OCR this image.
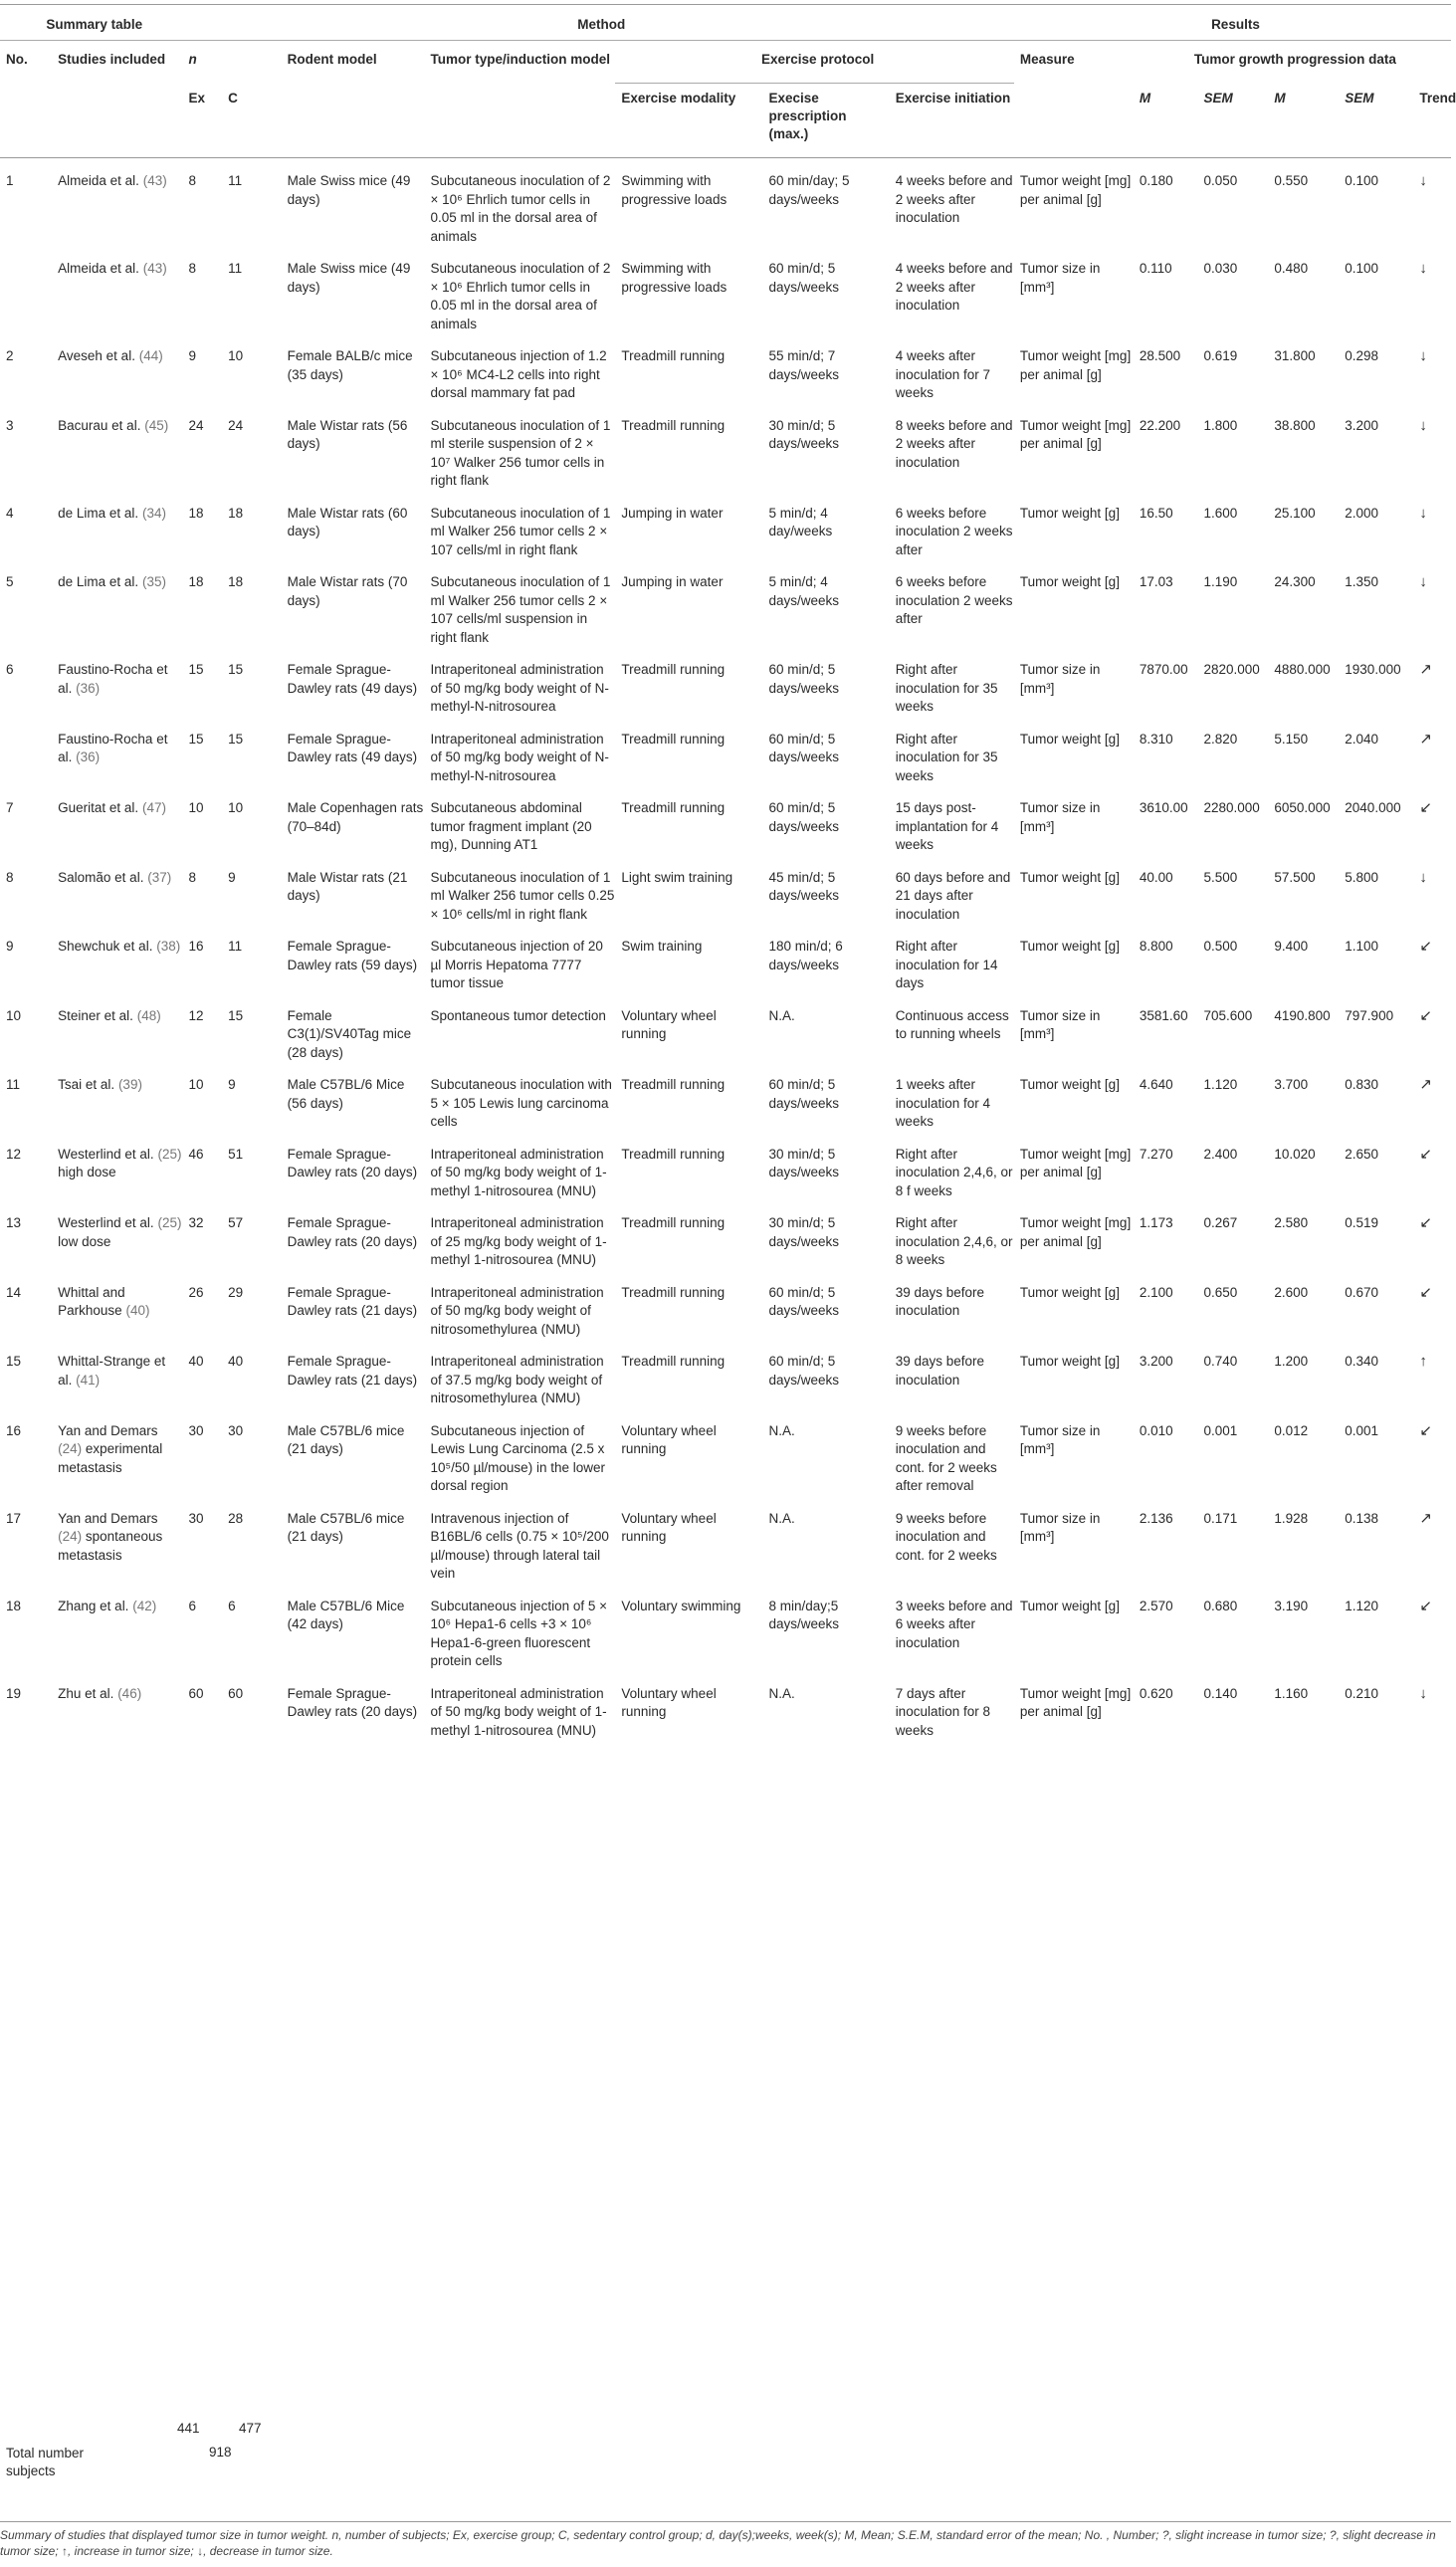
Summary table		Method							Results					
No.	Studies included	n		Rodent model	Tumor type/induction model	Exercise protocol			Measure	Tumor growth progression data				
		Ex	C			Exercise modality	Execise prescription (max.)	Exercise initiation		M	SEM	M	SEM	Trend

1	Almeida et al. (43)	8	11	Male Swiss mice (49 days)	Subcutaneous inoculation of 2 × 10⁶ Ehrlich tumor cells in 0.05 ml in the dorsal area of animals	Swimming with progressive loads	60 min/day; 5 days/weeks	4 weeks before and 2 weeks after inoculation	Tumor weight [mg] per animal [g]	0.180	0.050	0.550	0.100	↓
	Almeida et al. (43)	8	11	Male Swiss mice (49 days)	Subcutaneous inoculation of 2 × 10⁶ Ehrlich tumor cells in 0.05 ml in the dorsal area of animals	Swimming with progressive loads	60 min/d; 5 days/weeks	4 weeks before and 2 weeks after inoculation	Tumor size in [mm³]	0.110	0.030	0.480	0.100	↓
2	Aveseh et al. (44)	9	10	Female BALB/c mice (35 days)	Subcutaneous injection of 1.2 × 10⁶ MC4-L2 cells into right dorsal mammary fat pad	Treadmill running	55 min/d; 7 days/weeks	4 weeks after inoculation for 7 weeks	Tumor weight [mg] per animal [g]	28.500	0.619	31.800	0.298	↓
3	Bacurau et al. (45)	24	24	Male Wistar rats (56 days)	Subcutaneous inoculation of 1 ml sterile suspension of 2 × 10⁷ Walker 256 tumor cells in right flank	Treadmill running	30 min/d; 5 days/weeks	8 weeks before and 2 weeks after inoculation	Tumor weight [mg] per animal [g]	22.200	1.800	38.800	3.200	↓
4	de Lima et al. (34)	18	18	Male Wistar rats (60 days)	Subcutaneous inoculation of 1 ml Walker 256 tumor cells 2 × 107 cells/ml in right flank	Jumping in water	5 min/d; 4 day/weeks	6 weeks before inoculation 2 weeks after	Tumor weight [g]	16.50	1.600	25.100	2.000	↓
5	de Lima et al. (35)	18	18	Male Wistar rats (70 days)	Subcutaneous inoculation of 1 ml Walker 256 tumor cells 2 × 107 cells/ml suspension in right flank	Jumping in water	5 min/d; 4 days/weeks	6 weeks before inoculation 2 weeks after	Tumor weight [g]	17.03	1.190	24.300	1.350	↓
6	Faustino-Rocha et al. (36)	15	15	Female Sprague-Dawley rats (49 days)	Intraperitoneal administration of 50 mg/kg body weight of N-methyl-N-nitrosourea	Treadmill running	60 min/d; 5 days/weeks	Right after inoculation for 35 weeks	Tumor size in [mm³]	7870.00	2820.000	4880.000	1930.000	↗
	Faustino-Rocha et al. (36)	15	15	Female Sprague-Dawley rats (49 days)	Intraperitoneal administration of 50 mg/kg body weight of N-methyl-N-nitrosourea	Treadmill running	60 min/d; 5 days/weeks	Right after inoculation for 35 weeks	Tumor weight [g]	8.310	2.820	5.150	2.040	↗
7	Gueritat et al. (47)	10	10	Male Copenhagen rats (70–84d)	Subcutaneous abdominal tumor fragment implant (20 mg), Dunning AT1	Treadmill running	60 min/d; 5 days/weeks	15 days post-implantation for 4 weeks	Tumor size in [mm³]	3610.00	2280.000	6050.000	2040.000	↙
8	Salomão et al. (37)	8	9	Male Wistar rats (21 days)	Subcutaneous inoculation of 1 ml Walker 256 tumor cells 0.25 × 10⁶ cells/ml in right flank	Light swim training	45 min/d; 5 days/weeks	60 days before and 21 days after inoculation	Tumor weight [g]	40.00	5.500	57.500	5.800	↓
9	Shewchuk et al. (38)	16	11	Female Sprague-Dawley rats (59 days)	Subcutaneous injection of 20 µl Morris Hepatoma 7777 tumor tissue	Swim training	180 min/d; 6 days/weeks	Right after inoculation for 14 days	Tumor weight [g]	8.800	0.500	9.400	1.100	↙
10	Steiner et al. (48)	12	15	Female C3(1)/SV40Tag mice (28 days)	Spontaneous tumor detection	Voluntary wheel running	N.A.	Continuous access to running wheels	Tumor size in [mm³]	3581.60	705.600	4190.800	797.900	↙
11	Tsai et al. (39)	10	9	Male C57BL/6 Mice (56 days)	Subcutaneous inoculation with 5 × 105 Lewis lung carcinoma cells	Treadmill running	60 min/d; 5 days/weeks	1 weeks after inoculation for 4 weeks	Tumor weight [g]	4.640	1.120	3.700	0.830	↗
12	Westerlind et al. (25) high dose	46	51	Female Sprague-Dawley rats (20 days)	Intraperitoneal administration of 50 mg/kg body weight of 1-methyl 1-nitrosourea (MNU)	Treadmill running	30 min/d; 5 days/weeks	Right after inoculation 2,4,6, or 8 f weeks	Tumor weight [mg] per animal [g]	7.270	2.400	10.020	2.650	↙
13	Westerlind et al. (25) low dose	32	57	Female Sprague-Dawley rats (20 days)	Intraperitoneal administration of 25 mg/kg body weight of 1-methyl 1-nitrosourea (MNU)	Treadmill running	30 min/d; 5 days/weeks	Right after inoculation 2,4,6, or 8 weeks	Tumor weight [mg] per animal [g]	1.173	0.267	2.580	0.519	↙
14	Whittal and Parkhouse (40)	26	29	Female Sprague-Dawley rats (21 days)	Intraperitoneal administration of 50 mg/kg body weight of nitrosomethylurea (NMU)	Treadmill running	60 min/d; 5 days/weeks	39 days before inoculation	Tumor weight [g]	2.100	0.650	2.600	0.670	↙
15	Whittal-Strange et al. (41)	40	40	Female Sprague-Dawley rats (21 days)	Intraperitoneal administration of 37.5 mg/kg body weight of nitrosomethylurea (NMU)	Treadmill running	60 min/d; 5 days/weeks	39 days before inoculation	Tumor weight [g]	3.200	0.740	1.200	0.340	↑
16	Yan and Demars (24) experimental metastasis	30	30	Male C57BL/6 mice (21 days)	Subcutaneous injection of Lewis Lung Carcinoma (2.5 x 10⁵/50 µl/mouse) in the lower dorsal region	Voluntary wheel running	N.A.	9 weeks before inoculation and cont. for 2 weeks after removal	Tumor size in [mm³]	0.010	0.001	0.012	0.001	↙
17	Yan and Demars (24) spontaneous metastasis	30	28	Male C57BL/6 mice (21 days)	Intravenous injection of B16BL/6 cells (0.75 × 10⁵/200 µl/mouse) through lateral tail vein	Voluntary wheel running	N.A.	9 weeks before inoculation and cont. for 2 weeks	Tumor size in [mm³]	2.136	0.171	1.928	0.138	↗
18	Zhang et al. (42)	6	6	Male C57BL/6 Mice (42 days)	Subcutaneous injection of 5 × 10⁶ Hepa1-6 cells +3 × 10⁶ Hepa1-6-green fluorescent protein cells	Voluntary swimming	8 min/day;5 days/weeks	3 weeks before and 6 weeks after inoculation	Tumor weight [g]	2.570	0.680	3.190	1.120	↙
19	Zhu et al. (46)	60	60	Female Sprague-Dawley rats (20 days)	Intraperitoneal administration of 50 mg/kg body weight of 1-methyl 1-nitrosourea (MNU)	Voluntary wheel running	N.A.	7 days after inoculation for 8 weeks	Tumor weight [mg] per animal [g]	0.620	0.140	1.160	0.210	↓
441	477
Total number subjects
918
Summary of studies that displayed tumor size in tumor weight. n, number of subjects; Ex, exercise group; C, sedentary control group; d, day(s);weeks, week(s); M, Mean; S.E.M, standard error of the mean; No. , Number; ?, slight increase in tumor size; ?, slight decrease in tumor size; ↑, increase in tumor size; ↓, decrease in tumor size.
